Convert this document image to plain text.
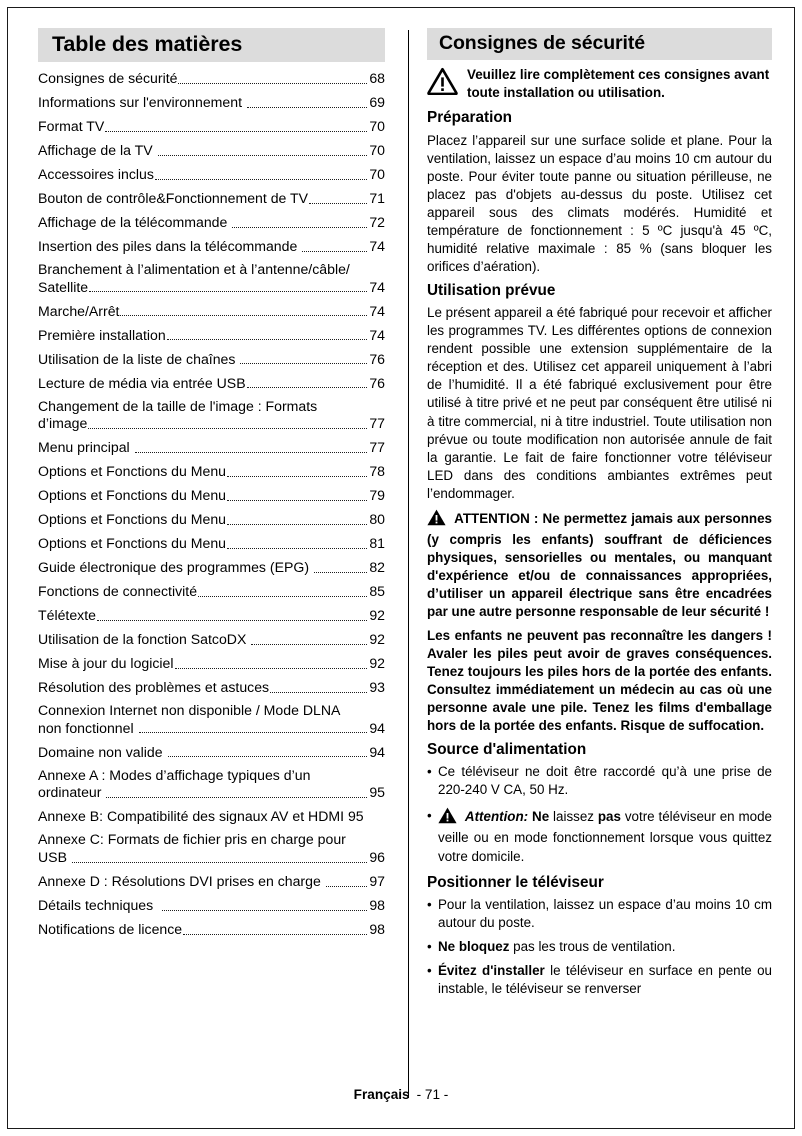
Table des matières
Consignes de sécurité	68
Informations sur l'environnement	69
Format TV	70
Affichage de la TV	70
Accessoires inclus	70
Bouton de contrôle&Fonctionnement de TV	71
Affichage de la télécommande	72
Insertion des piles dans la télécommande	74
Branchement à l’alimentation et à l’antenne/câble/
Satellite	74
Marche/Arrêt	74
Première installation	74
Utilisation de la liste de chaînes	76
Lecture de média via entrée USB	76
Changement de la taille de l'image : Formats
d’image	77
Menu principal	77
Options et Fonctions du Menu	78
Options et Fonctions du Menu	79
Options et Fonctions du Menu	80
Options et Fonctions du Menu	81
Guide électronique des programmes (EPG)	82
Fonctions de connectivité	85
Télétexte	92
Utilisation de la fonction SatcoDX	92
Mise à jour du logiciel	92
Résolution des problèmes et astuces	93
Connexion Internet non disponible / Mode DLNA
non fonctionnel	94
Domaine non valide	94
Annexe A : Modes d’affichage typiques d’un
ordinateur	95
Annexe B: Compatibilité des signaux AV et HDMI 95
Annexe C: Formats de fichier pris en charge pour
USB	96
Annexe D : Résolutions DVI prises en charge	97
Détails techniques	98
Notifications de licence	98
Consignes de sécurité
Veuillez lire complètement ces consignes avant toute installation ou utilisation.
Préparation

Placez l’appareil sur une surface solide et plane. Pour la ventilation, laissez un espace d’au moins 10 cm autour du poste. Pour éviter toute panne ou situation périlleuse, ne placez pas d'objets au-dessus du poste. Utilisez cet appareil sous des climats modérés. Humidité et température de fonctionnement : 5 ºC jusqu'à 45 ºC, humidité relative maximale : 85 % (sans bloquer les orifices d’aération).

Utilisation prévue

Le présent appareil a été fabriqué pour recevoir et afficher les programmes TV. Les différentes options de connexion rendent possible une extension supplémentaire de la réception et des. Utilisez cet appareil uniquement à l’abri de l’humidité. Il a été fabriqué exclusivement pour être utilisé à titre privé et ne peut par conséquent être utilisé ni à titre commercial, ni à titre industriel. Toute utilisation non prévue ou toute modification non autorisée annule de fait la garantie. Le fait de faire fonctionner votre téléviseur LED dans des conditions ambiantes extrêmes peut l’endommager.

ATTENTION : Ne permettez jamais aux personnes (y compris les enfants) souffrant de déficiences physiques, sensorielles ou mentales, ou manquant d'expérience et/ou de connaissances appropriées, d’utiliser un appareil électrique sans être encadrées par une autre personne responsable de leur sécurité !

Les enfants ne peuvent pas reconnaître les dangers ! Avaler les piles peut avoir de graves conséquences. Tenez toujours les piles hors de la portée des enfants. Consultez immédiatement un médecin au cas où une personne avale une pile. Tenez les films d'emballage hors de la portée des enfants. Risque de suffocation.

Source d'alimentation
• Ce téléviseur ne doit être raccordé qu’à une prise de 220-240 V CA, 50 Hz.
• Attention: Ne laissez pas votre téléviseur en mode veille ou en mode fonctionnement lorsque vous quittez votre domicile.
Positionner le téléviseur
• Pour la ventilation, laissez un espace d’au moins 10 cm autour du poste.
• Ne bloquez pas les trous de ventilation.
• Évitez d'installer le téléviseur en surface en pente ou instable, le téléviseur se renverser
Français - 71 -
